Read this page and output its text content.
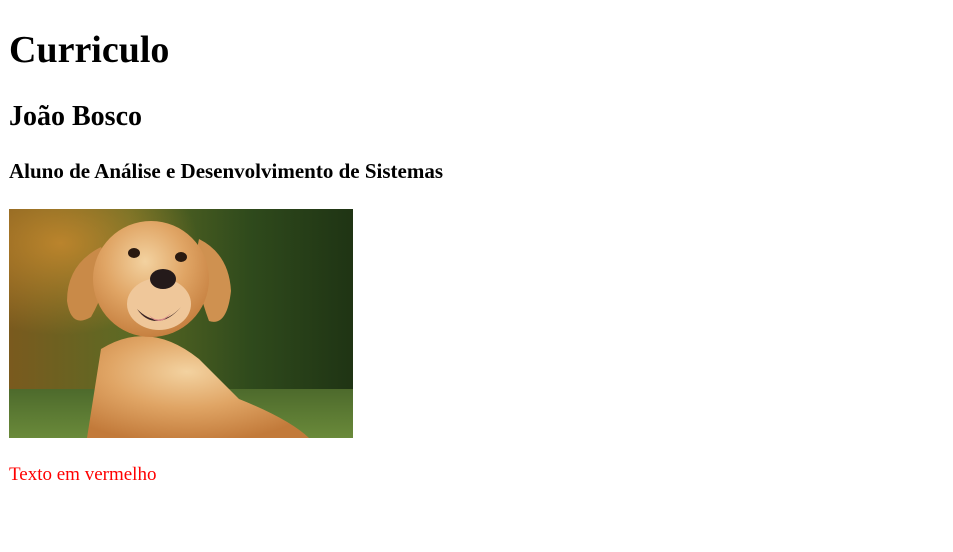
Curriculo
João Bosco
Aluno de Análise e Desenvolvimento de Sistemas

Texto em vermelho
